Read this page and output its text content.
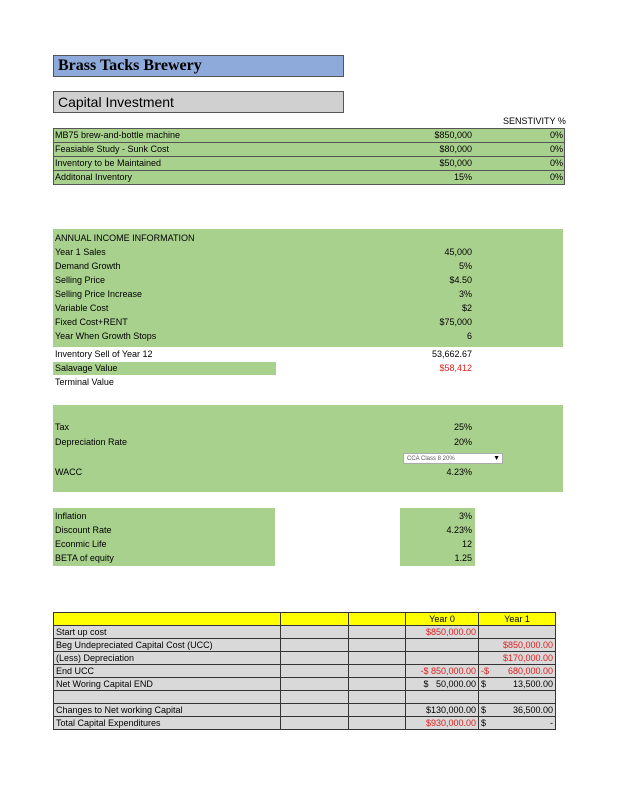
Brass Tacks Brewery
Capital Investment
SENSTIVITY %
MB75 brew-and-bottle machine	$850,000	0%
Feasiable Study - Sunk Cost	$80,000	0%
Inventory to be Maintained	$50,000	0%
Additonal Inventory	15%	0%
ANNUAL INCOME INFORMATION
Year 1 Sales	45,000
Demand Growth	5%
Selling Price	$4.50
Selling Price Increase	3%
Variable Cost	$2
Fixed Cost+RENT	$75,000
Year When Growth Stops	6
Inventory Sell of Year 12	53,662.67
Salavage Value	$58,412
Terminal Value
Tax	25%
Depreciation Rate	20%
CCA Class 8 20%	▼
WACC	4.23%
Inflation	3%
Discount Rate	4.23%
Econmic Life	12
BETA of equity	1.25
			Year 0	Year 1
Start up cost			$850,000.00	
Beg Undepreciated Capital Cost (UCC)				$850,000.00
(Less) Depreciation				$170,000.00
End UCC			-$ 850,000.00	-$ 680,000.00
Net Woring Capital END			$   50,000.00	$ 13,500.00

Changes to Net working Capital			$130,000.00	$ 36,500.00
Total Capital Expenditures			$930,000.00	$ -
